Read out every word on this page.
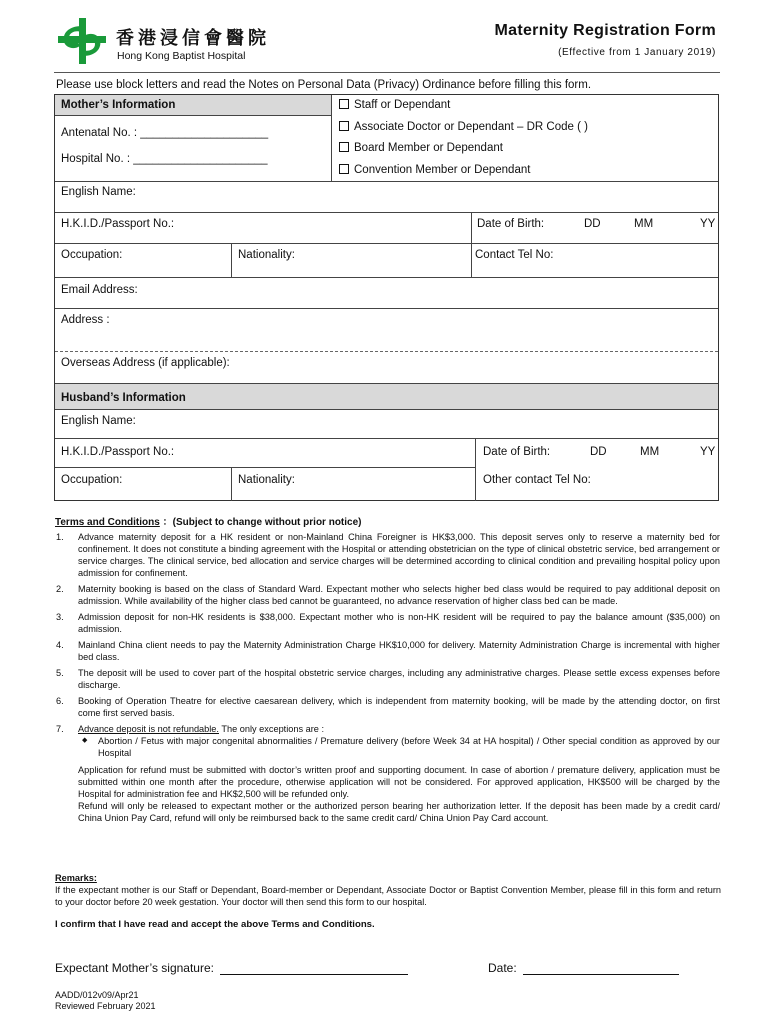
香港浸信會醫院
Hong Kong Baptist Hospital
Maternity Registration Form
(Effective from 1 January 2019)
Please use block letters and read the Notes on Personal Data (Privacy) Ordinance before filling this form.
Mother’s Information
Antenatal No. : ____________________
Hospital No. : _____________________
Staff or Dependant
Associate Doctor or Dependant – DR Code ( )
Board Member or Dependant
Convention Member or Dependant
English Name:
H.K.I.D./Passport No.:	Date of Birth:	DD	MM	YY
Occupation:	Nationality:	Contact Tel No:
Email Address:
Address :
Overseas Address (if applicable):
Husband’s Information
English Name:
H.K.I.D./Passport No.:	Date of Birth:	DD	MM	YY
Occupation:	Nationality:	Other contact Tel No:
Terms and Conditions ：(Subject to change without prior notice)
1. Advance maternity deposit for a HK resident or non-Mainland China Foreigner is HK$3,000. This deposit serves only to reserve a maternity bed for confinement. It does not constitute a binding agreement with the Hospital or attending obstetrician on the type of clinical obstetric service, bed arrangement or service charges. The clinical service, bed allocation and service charges will be determined according to clinical condition and prevailing hospital policy upon admission for confinement.
2. Maternity booking is based on the class of Standard Ward. Expectant mother who selects higher bed class would be required to pay additional deposit on admission. While availability of the higher class bed cannot be guaranteed, no advance reservation of higher class bed can be made.
3. Admission deposit for non-HK residents is $38,000. Expectant mother who is non-HK resident will be required to pay the balance amount ($35,000) on admission.
4. Mainland China client needs to pay the Maternity Administration Charge HK$10,000 for delivery. Maternity Administration Charge is incremental with higher bed class.
5. The deposit will be used to cover part of the hospital obstetric service charges, including any administrative charges. Please settle excess expenses before discharge.
6. Booking of Operation Theatre for elective caesarean delivery, which is independent from maternity booking, will be made by the attending doctor, on first come first served basis.
7. Advance deposit is not refundable. The only exceptions are :

◆ Abortion / Fetus with major congenital abnormalities / Premature delivery (before Week 34 at HA hospital) / Other special condition as approved by our Hospital

Application for refund must be submitted with doctor’s written proof and supporting document. In case of abortion / premature delivery, application must be submitted within one month after the procedure, otherwise application will not be considered. For approved application, HK$500 will be charged by the Hospital for administration fee and HK$2,500 will be refunded only.

Refund will only be released to expectant mother or the authorized person bearing her authorization letter. If the deposit has been made by a credit card/ China Union Pay Card, refund will only be reimbursed back to the same credit card/ China Union Pay Card account.

Remarks:
If the expectant mother is our Staff or Dependant, Board-member or Dependant, Associate Doctor or Baptist Convention Member, please fill in this form and return to your doctor before 20 week gestation. Your doctor will then send this form to our hospital.
I confirm that I have read and accept the above Terms and Conditions.
Expectant Mother’s signature:	Date:
AADD/012v09/Apr21
Reviewed February 2021
